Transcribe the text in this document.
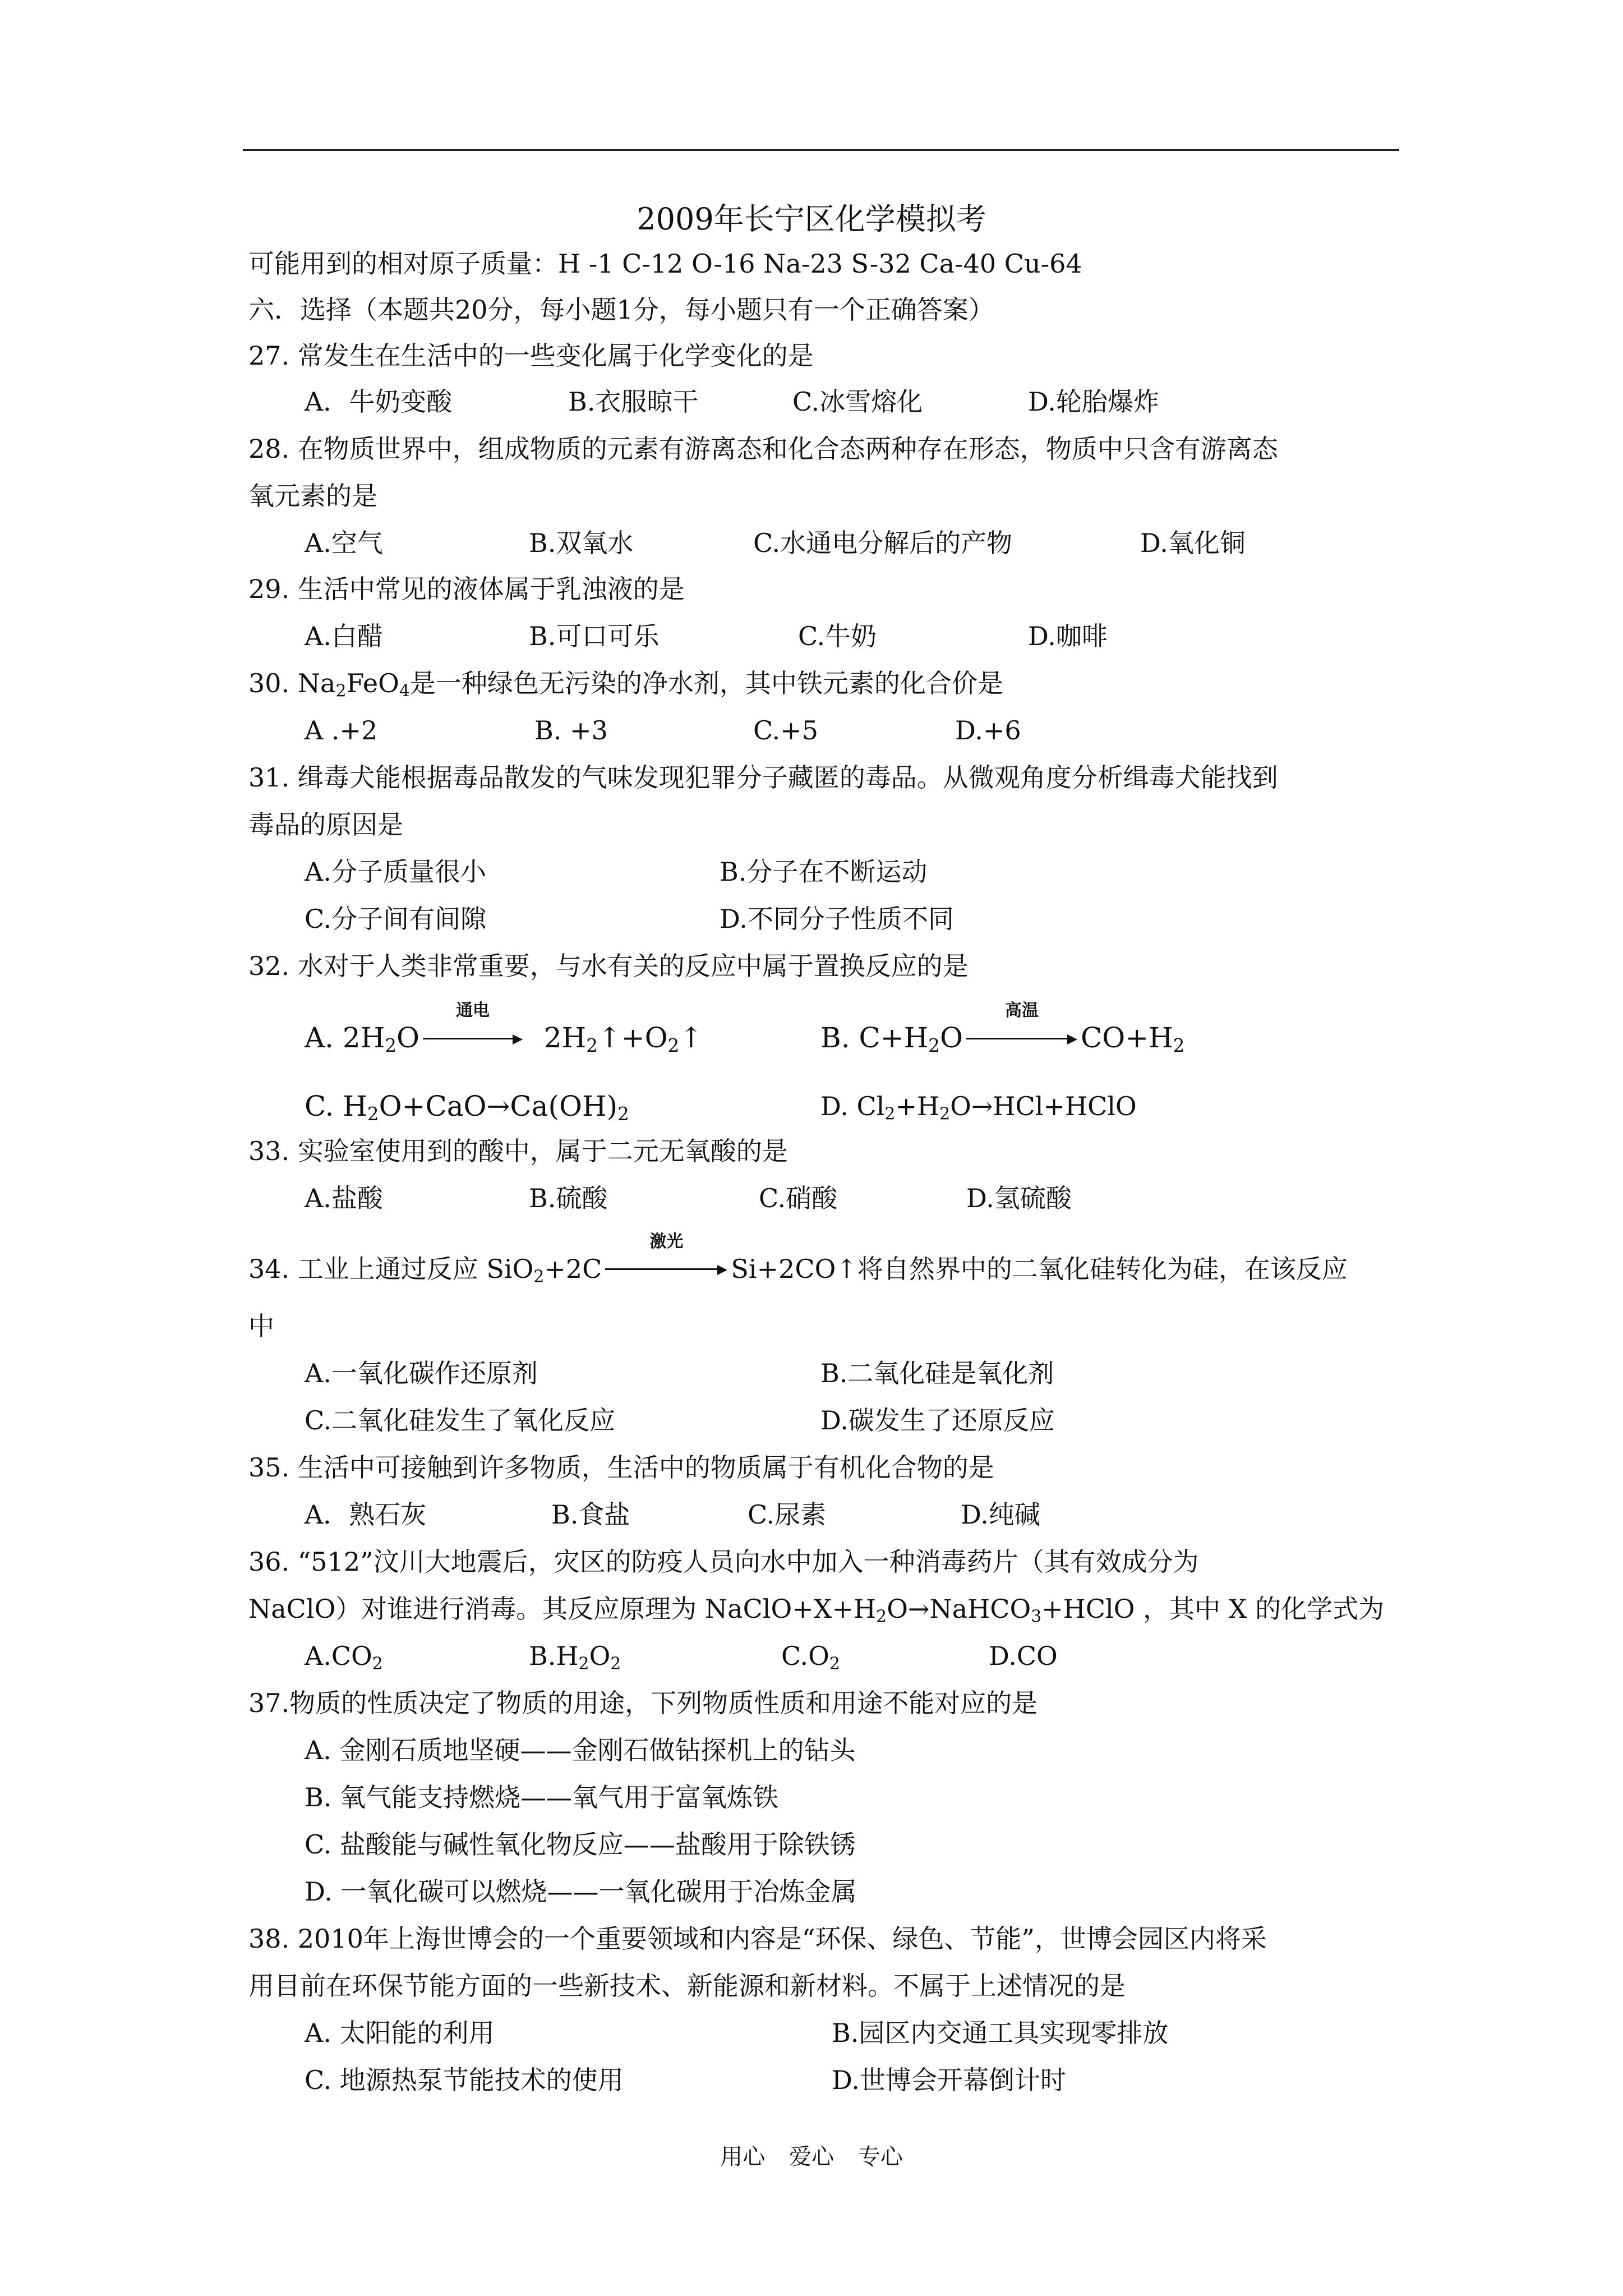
2009年长宁区化学模拟考
可能用到的相对原子质量：H -1 C-12 O-16 Na-23 S-32 Ca-40 Cu-64
六．选择（本题共20分，每小题1分，每小题只有一个正确答案）
27. 常发生在生活中的一些变化属于化学变化的是
A．牛奶变酸	B.衣服晾干	C.冰雪熔化	D.轮胎爆炸
28. 在物质世界中，组成物质的元素有游离态和化合态两种存在形态，物质中只含有游离态
氧元素的是
A.空气	B.双氧水	C.水通电分解后的产物	D.氧化铜
29. 生活中常见的液体属于乳浊液的是
A.白醋	B.可口可乐	C.牛奶	D.咖啡
30. $Na_2FeO_4$是一种绿色无污染的净水剂，其中铁元素的化合价是
A .+2	B. +3	C.+5	D.+6
31. 缉毒犬能根据毒品散发的气味发现犯罪分子藏匿的毒品。从微观角度分析缉毒犬能找到
毒品的原因是
A.分子质量很小	B.分子在不断运动
C.分子间有间隙	D.不同分子性质不同
32. 水对于人类非常重要，与水有关的反应中属于置换反应的是
A. $2H_2O$
通电
$2H_2↑+O_2↑$	B. $C+H_2O$
高温
$CO+H_2$
C. $H_2O+CaO\to Ca(OH)_2$	D. $Cl_2+H_2O\to HCl+HClO$
33. 实验室使用到的酸中，属于二元无氧酸的是
A.盐酸	B.硫酸	C.硝酸	D.氢硫酸
34. 工业上通过反应 SiO$_2$+2C
激光
Si+2CO↑将自然界中的二氧化硅转化为硅，在该反应
中
A.一氧化碳作还原剂	B.二氧化硅是氧化剂
C.二氧化硅发生了氧化反应	D.碳发生了还原反应
35. 生活中可接触到许多物质，生活中的物质属于有机化合物的是
A．熟石灰	B.食盐	C.尿素	D.纯碱
36. “512”汶川大地震后，灾区的防疫人员向水中加入一种消毒药片（其有效成分为
NaClO）对谁进行消毒。其反应原理为 $NaClO+X+H_2O\to NaHCO_3+HClO$ ，其中 X 的化学式为
$A.CO_2$	$B.H_2O_2$	$C.O_2$	D.CO
37.物质的性质决定了物质的用途，下列物质性质和用途不能对应的是
A. 金刚石质地坚硬——金刚石做钻探机上的钻头
B. 氧气能支持燃烧——氧气用于富氧炼铁
C. 盐酸能与碱性氧化物反应——盐酸用于除铁锈
D. 一氧化碳可以燃烧——一氧化碳用于冶炼金属
38. 2010年上海世博会的一个重要领域和内容是“环保、绿色、节能”，世博会园区内将采
用目前在环保节能方面的一些新技术、新能源和新材料。不属于上述情况的是
A. 太阳能的利用	B.园区内交通工具实现零排放
C. 地源热泵节能技术的使用	D.世博会开幕倒计时
用心 爱心 专心
